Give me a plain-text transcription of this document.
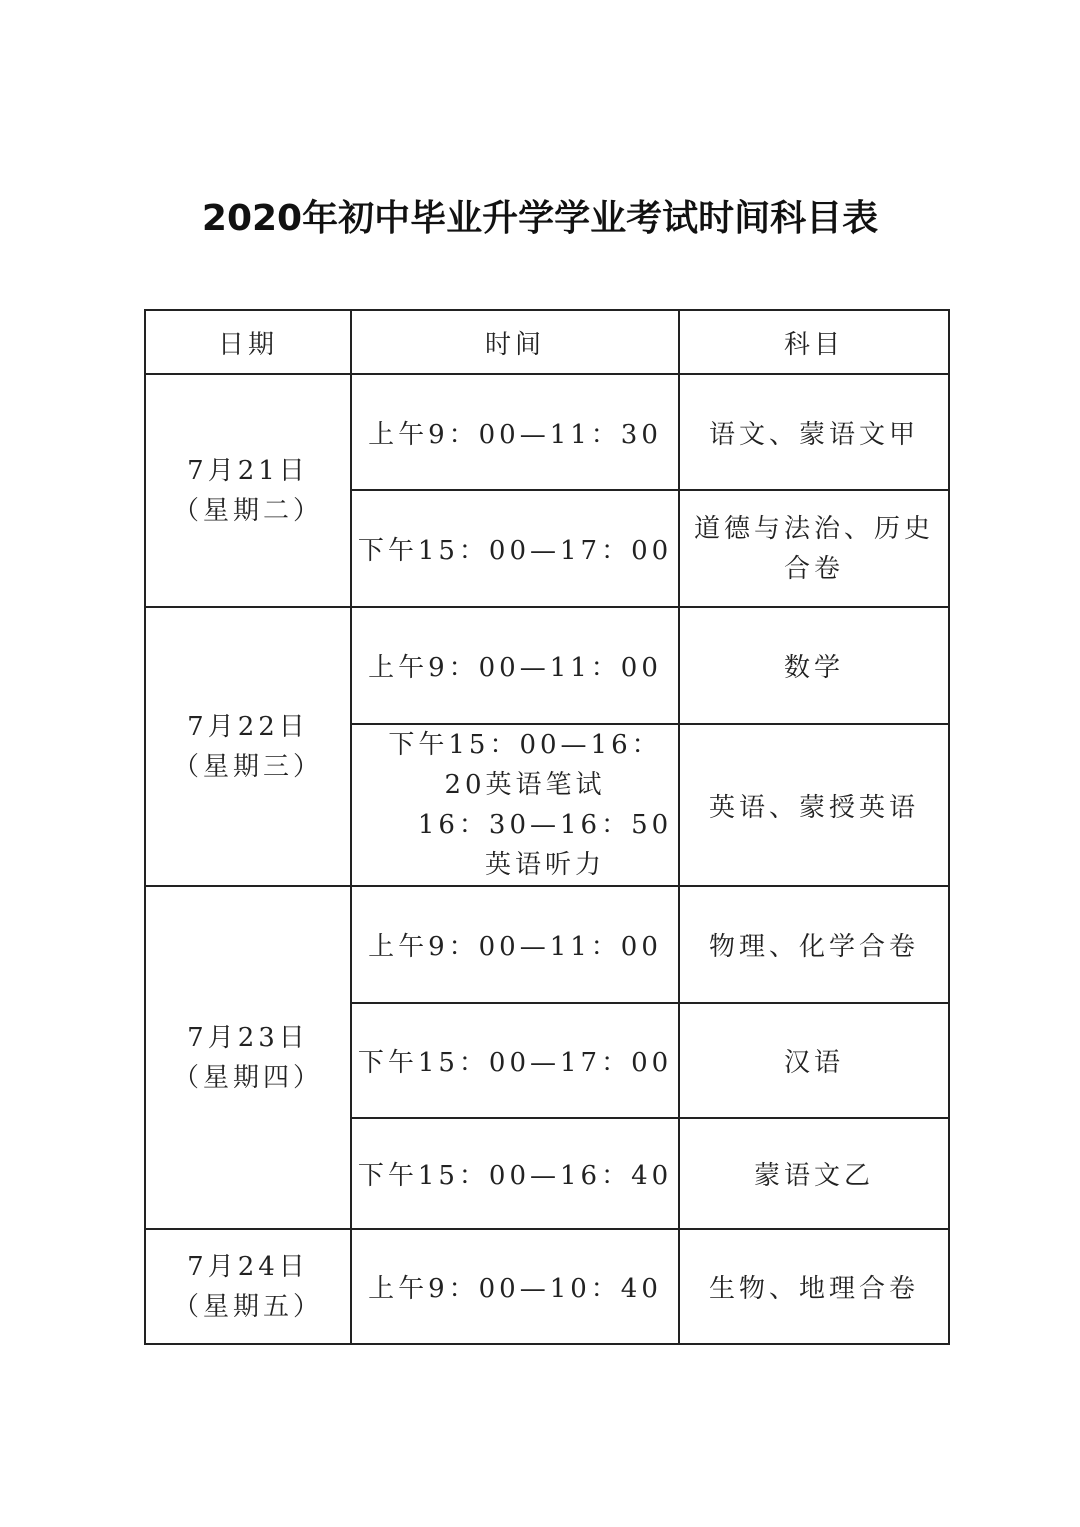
2020年初中毕业升学学业考试时间科目表
日期	时间	科目

7月21日
（星期二）	上午9：00—11：30	语文、蒙语文甲
	下午15：00—17：00	道德与法治、历史
合卷

7月22日
（星期三）	上午9：00—11：00	数学

	下午15：00—16：20英语笔试
16：30—16：50英语听力	英语、蒙授英语

7月23日
（星期四）	上午9：00—11：00	物理、化学合卷
	下午15：00—17：00	汉语
	下午15：00—16：40	蒙语文乙

7月24日
（星期五）	上午9：00—10：40	生物、地理合卷
